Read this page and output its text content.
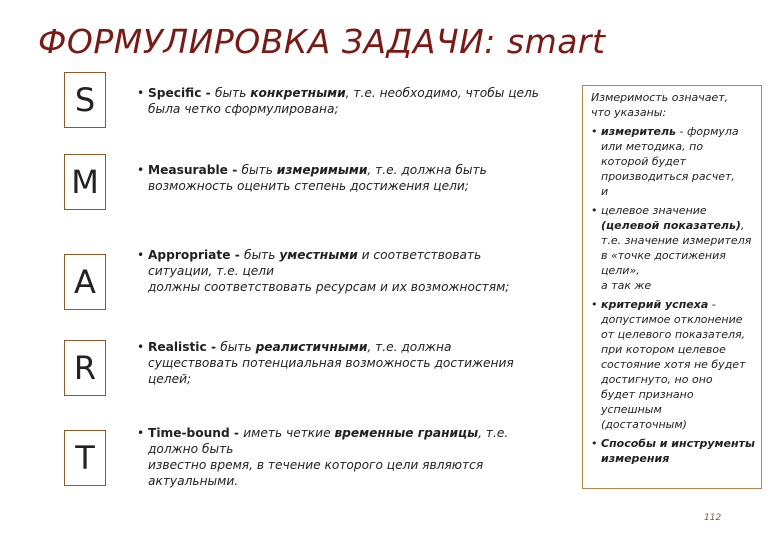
ФОРМУЛИРОВКА ЗАДАЧИ: smart
S
M
A
R
T
• Specific - быть конкретными, т.е. необходимо, чтобы цель
была четко сформулирована;
• Measurable - быть измеримыми, т.е. должна быть
возможность оценить степень достижения цели;
• Appropriate - быть уместными и соответствовать
ситуации, т.е. цели
должны соответствовать ресурсам и их возможностям;
• Realistic - быть реалистичными, т.е. должна
существовать потенциальная возможность достижения
целей;
• Time-bound - иметь четкие временные границы, т.е.
должно быть
известно время, в течение которого цели являются
актуальными.
Измеримость означает,
что указаны:
• измеритель - формула
или методика, по
которой будет
производиться расчет,
и
• целевое значение
(целевой показатель),
т.е. значение измерителя
в «точке достижения
цели»,
а так же
• критерий успеха -
допустимое отклонение
от целевого показателя,
при котором целевое
состояние хотя не будет
достигнуто, но оно
будет признано
успешным
(достаточным)
• Способы и инструменты
измерения
112
